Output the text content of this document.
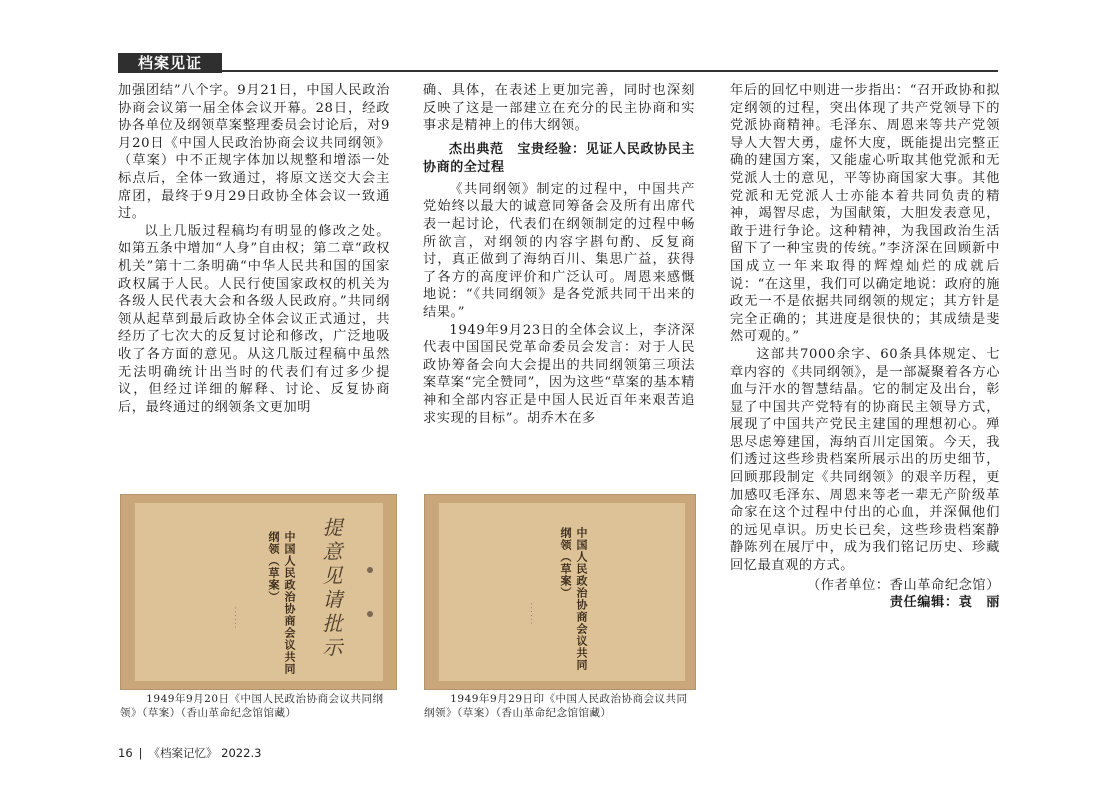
档案见证

加强团结”八个字。9月21日，中国人民政治协商会议第一届全体会议开幕。28日，经政协各单位及纲领草案整理委员会讨论后，对9月20日《中国人民政治协商会议共同纲领》（草案）中不正规字体加以规整和增添一处标点后，全体一致通过，将原文送交大会主席团，最终于9月29日政协全体会议一致通过。

以上几版过程稿均有明显的修改之处。如第五条中增加“人身”自由权；第二章“政权机关”第十二条明确“中华人民共和国的国家政权属于人民。人民行使国家政权的机关为各级人民代表大会和各级人民政府。”共同纲领从起草到最后政协全体会议正式通过，共经历了七次大的反复讨论和修改，广泛地吸收了各方面的意见。从这几版过程稿中虽然无法明确统计出当时的代表们有过多少提议，但经过详细的解释、讨论、反复协商后，最终通过的纲领条文更加明

确、具体，在表述上更加完善，同时也深刻反映了这是一部建立在充分的民主协商和实事求是精神上的伟大纲领。

杰出典范　宝贵经验：见证人民政协民主协商的全过程

《共同纲领》制定的过程中，中国共产党始终以最大的诚意同筹备会及所有出席代表一起讨论，代表们在纲领制定的过程中畅所欲言，对纲领的内容字斟句酌、反复商讨，真正做到了海纳百川、集思广益，获得了各方的高度评价和广泛认可。周恩来感慨地说：“《共同纲领》是各党派共同干出来的结果。”

1949年9月23日的全体会议上，李济深代表中国国民党革命委员会发言：对于人民政协筹备会向大会提出的共同纲领第三项法案草案“完全赞同”，因为这些“草案的基本精神和全部内容正是中国人民近百年来艰苦追求实现的目标”。胡乔木在多

年后的回忆中则进一步指出：“召开政协和拟定纲领的过程，突出体现了共产党领导下的党派协商精神。毛泽东、周恩来等共产党领导人大智大勇，虚怀大度，既能提出完整正确的建国方案，又能虚心听取其他党派和无党派人士的意见，平等协商国家大事。其他党派和无党派人士亦能本着共同负责的精神，竭智尽虑，为国献策，大胆发表意见，敢于进行争论。这种精神，为我国政治生活留下了一种宝贵的传统。”李济深在回顾新中国成立一年来取得的辉煌灿烂的成就后说：“在这里，我们可以确定地说：政府的施政无一不是依据共同纲领的规定；其方针是完全正确的；其进度是很快的；其成绩是斐然可观的。”

这部共7000余字、60条具体规定、七章内容的《共同纲领》，是一部凝聚着各方心血与汗水的智慧结晶。它的制定及出台，彰显了中国共产党特有的协商民主领导方式，展现了中国共产党民主建国的理想初心。殚思尽虑筹建国，海纳百川定国策。今天，我们透过这些珍贵档案所展示出的历史细节，回顾那段制定《共同纲领》的艰辛历程，更加感叹毛泽东、周恩来等老一辈无产阶级革命家在这个过程中付出的心血，并深佩他们的远见卓识。历史长已矣，这些珍贵档案静静陈列在展厅中，成为我们铭记历史、珍藏回忆最直观的方式。

（作者单位：香山革命纪念馆）

责任编辑：袁　丽

中国人民政治协商会议共同纲领（草案）	提意见请批示
· · · · · ·	中国人民政治协商会议共同纲领（草案）
· · · · · ·
1949年9月20日《中国人民政治协商会议共同纲领》（草案）（香山革命纪念馆馆藏）
1949年9月29日印《中国人民政治协商会议共同纲领》（草案）（香山革命纪念馆馆藏）
16 | 《档案记忆》 2022.3
